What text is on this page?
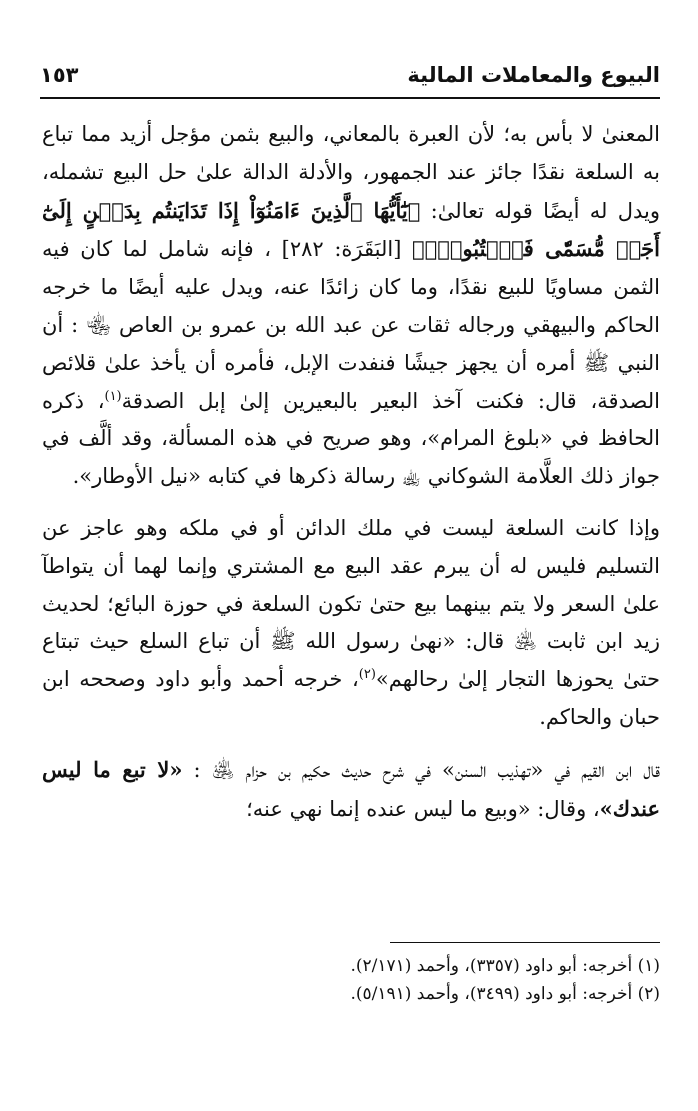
البيوع والمعاملات المالية
١٥٣

المعنىٰ لا بأس به؛ لأن العبرة بالمعاني، والبيع بثمن مؤجل أزيد مما تباع به السلعة نقدًا جائز عند الجمهور، والأدلة الدالة علىٰ حل البيع تشمله، ويدل له أيضًا قوله تعالىٰ: ﴿يَٰٓأَيُّهَا ٱلَّذِينَ ءَامَنُوٓاْ إِذَا تَدَايَنتُم بِدَيۡنٍ إِلَىٰٓ أَجَلٖ مُّسَمّٗى فَٱكۡتُبُوهُۚ﴾ [البَقَرَة: ٢٨٢] ، فإنه شامل لما كان فيه الثمن مساويًا للبيع نقدًا، وما كان زائدًا عنه، ويدل عليه أيضًا ما خرجه الحاكم والبيهقي ورجاله ثقات عن عبد الله بن عمرو بن العاص ﵄ : أن النبي ﷺ أمره أن يجهز جيشًا فنفدت الإبل، فأمره أن يأخذ علىٰ قلائص الصدقة، قال: فكنت آخذ البعير بالبعيرين إلىٰ إبل الصدقة$^{(١)}$، ذكره الحافظ في «بلوغ المرام»، وهو صريح في هذه المسألة، وقد ألَّف في جواز ذلك العلَّامة الشوكاني ﵀ رسالة ذكرها في كتابه «نيل الأوطار».

وإذا كانت السلعة ليست في ملك الدائن أو في ملكه وهو عاجز عن التسليم فليس له أن يبرم عقد البيع مع المشتري وإنما لهما أن يتواطآ علىٰ السعر ولا يتم بينهما بيع حتىٰ تكون السلعة في حوزة البائع؛ لحديث زيد ابن ثابت ﵁ قال: «نهىٰ رسول الله ﷺ أن تباع السلع حيث تبتاع حتىٰ يحوزها التجار إلىٰ رحالهم»$^{(٢)}$، خرجه أحمد وأبو داود وصححه ابن حبان والحاكم.

قال ابن القيم في «تهذيب السنن» في شرح حديث حكيم بن حزام ﵁ : «لا تبع ما ليس عندك»، وقال: «وبيع ما ليس عنده إنما نهي عنه؛

(١) أخرجه: أبو داود (٣٣٥٧)، وأحمد (٢/١٧١).

(٢) أخرجه: أبو داود (٣٤٩٩)، وأحمد (٥/١٩١).
